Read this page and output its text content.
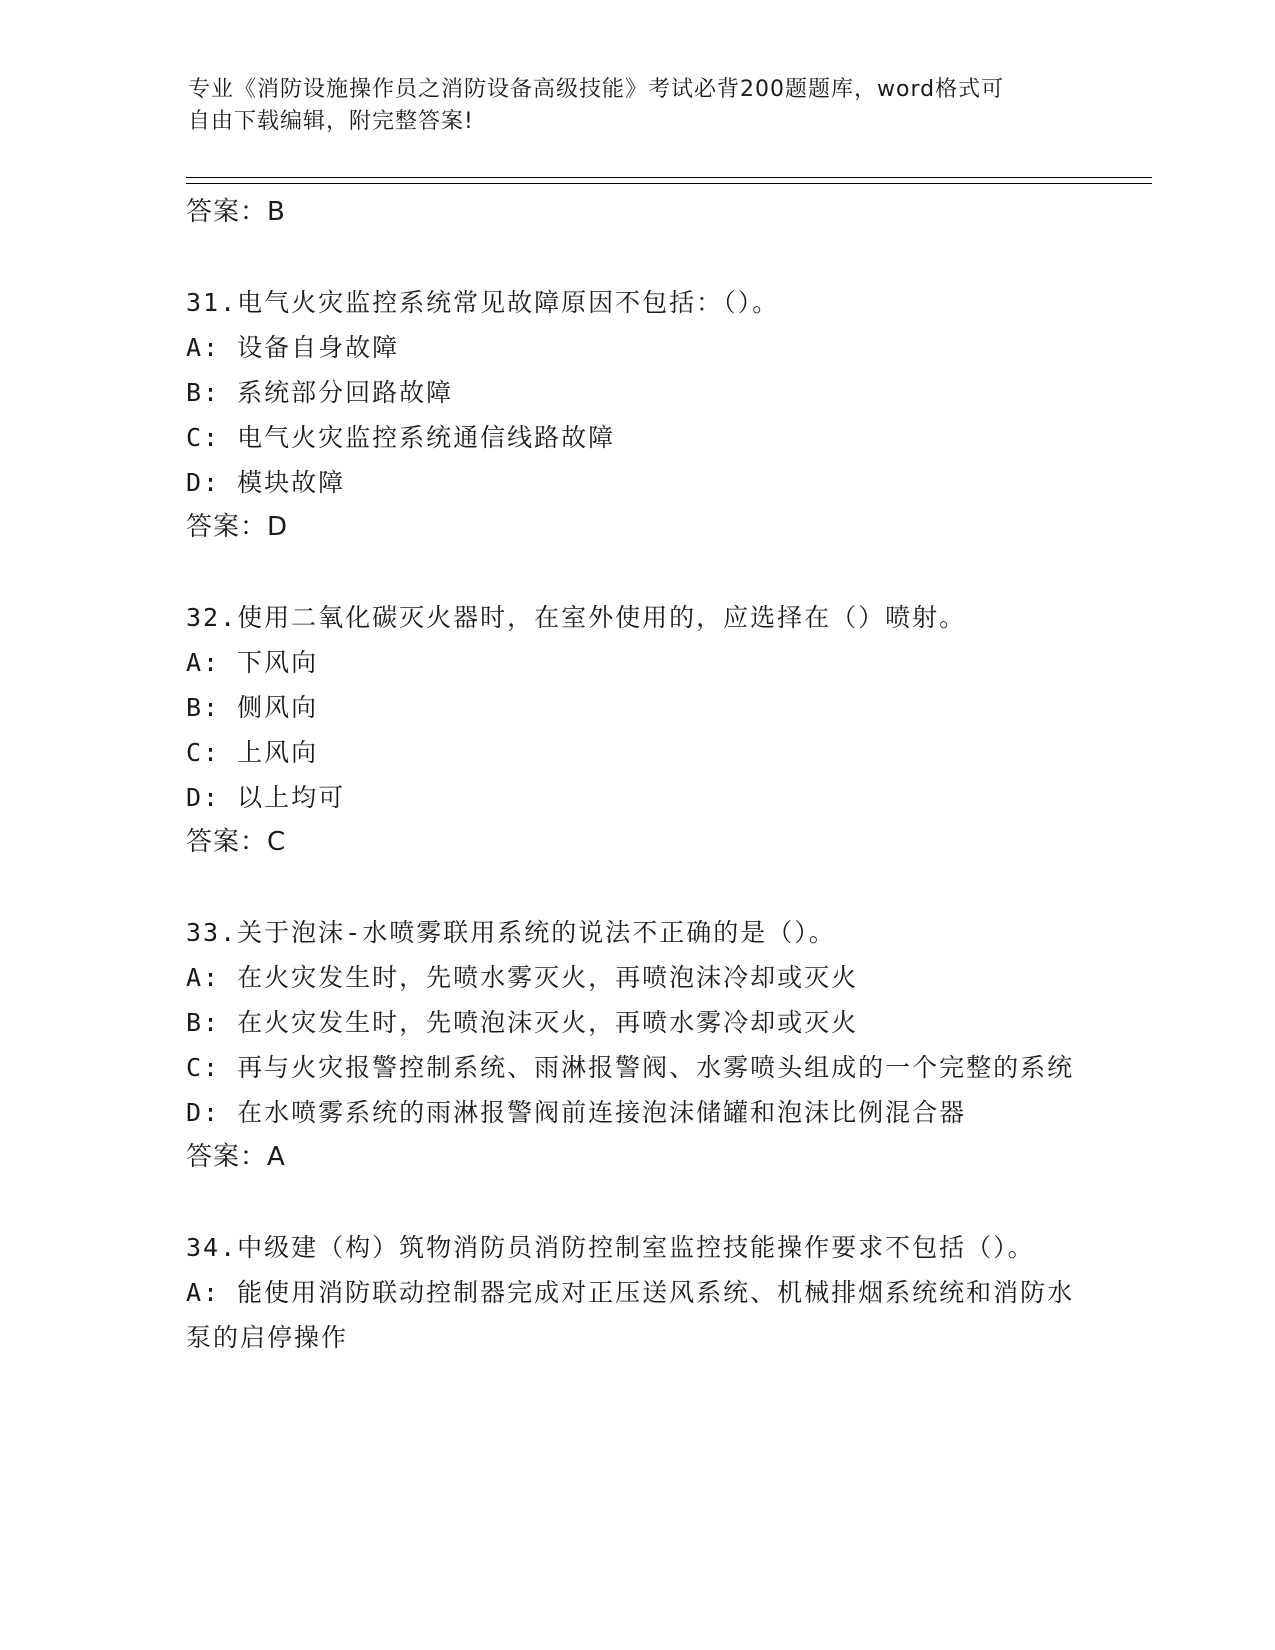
专业《消防设施操作员之消防设备高级技能》考试必背200题题库，word格式可
自由下载编辑，附完整答案!
答案：B
31.电气火灾监控系统常见故障原因不包括：（）。
A: 设备自身故障
B: 系统部分回路故障
C: 电气火灾监控系统通信线路故障
D: 模块故障
答案：D
32.使用二氧化碳灭火器时，在室外使用的，应选择在（）喷射。
A: 下风向
B: 侧风向
C: 上风向
D: 以上均可
答案：C
33.关于泡沫-水喷雾联用系统的说法不正确的是（）。
A: 在火灾发生时，先喷水雾灭火，再喷泡沫冷却或灭火
B: 在火灾发生时，先喷泡沫灭火，再喷水雾冷却或灭火
C: 再与火灾报警控制系统、雨淋报警阀、水雾喷头组成的一个完整的系统
D: 在水喷雾系统的雨淋报警阀前连接泡沫储罐和泡沫比例混合器
答案：A
34.中级建（构）筑物消防员消防控制室监控技能操作要求不包括（）。
A: 能使用消防联动控制器完成对正压送风系统、机械排烟系统统和消防水泵的启停操作
